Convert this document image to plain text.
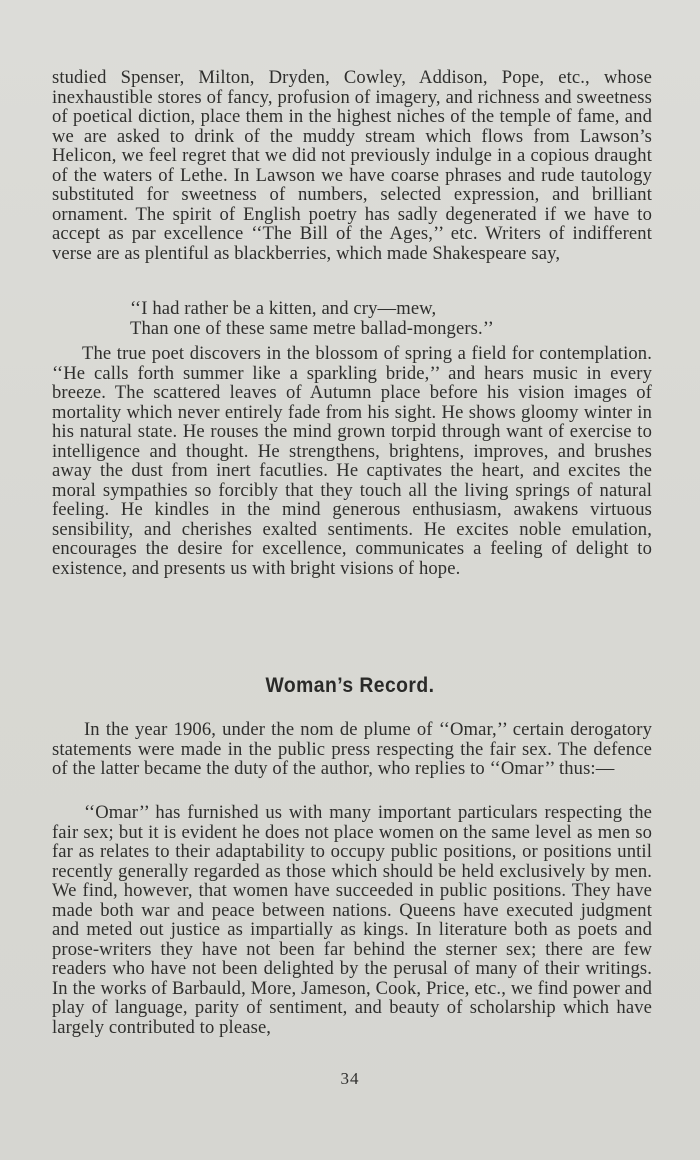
studied Spenser, Milton, Dryden, Cowley, Addison, Pope, etc., whose inexhaustible stores of fancy, profusion of imagery, and richness and sweetness of poetical diction, place them in the highest niches of the temple of fame, and we are asked to drink of the muddy stream which flows from Lawson’s Helicon, we feel regret that we did not previously indulge in a copious draught of the waters of Lethe. In Lawson we have coarse phrases and rude tautology substituted for sweetness of numbers, selected expression, and brilliant ornament. The spirit of English poetry has sadly degenerated if we have to accept as par excellence ‘‘The Bill of the Ages,’’ etc. Writers of indifferent verse are as plentiful as blackberries, which made Shakespeare say,
‘‘I had rather be a kitten, and cry—mew,
Than one of these same metre ballad-mongers.’’
The true poet discovers in the blossom of spring a field for contemplation. ‘‘He calls forth summer like a sparkling bride,’’ and hears music in every breeze. The scattered leaves of Autumn place before his vision images of mortality which never entirely fade from his sight. He shows gloomy winter in his natural state. He rouses the mind grown torpid through want of exercise to intelligence and thought. He strengthens, brightens, improves, and brushes away the dust from inert facutlies. He captivates the heart, and excites the moral sympathies so forcibly that they touch all the living springs of natural feeling. He kindles in the mind generous enthusiasm, awakens virtuous sensibility, and cherishes exalted sentiments. He excites noble emulation, encourages the desire for excellence, communicates a feeling of delight to existence, and presents us with bright visions of hope.
Woman’s Record.
In the year 1906, under the nom de plume of ‘‘Omar,’’ certain derogatory statements were made in the public press respecting the fair sex. The defence of the latter became the duty of the author, who replies to ‘‘Omar’’ thus:—
‘‘Omar’’ has furnished us with many important particulars respecting the fair sex; but it is evident he does not place women on the same level as men so far as relates to their adaptability to occupy public positions, or positions until recently generally regarded as those which should be held exclusively by men. We find, however, that women have succeeded in public positions. They have made both war and peace between nations. Queens have executed judgment and meted out justice as impartially as kings. In literature both as poets and prose-writers they have not been far behind the sterner sex; there are few readers who have not been delighted by the perusal of many of their writings. In the works of Barbauld, More, Jameson, Cook, Price, etc., we find power and play of language, parity of sentiment, and beauty of scholarship which have largely contributed to please,
34
